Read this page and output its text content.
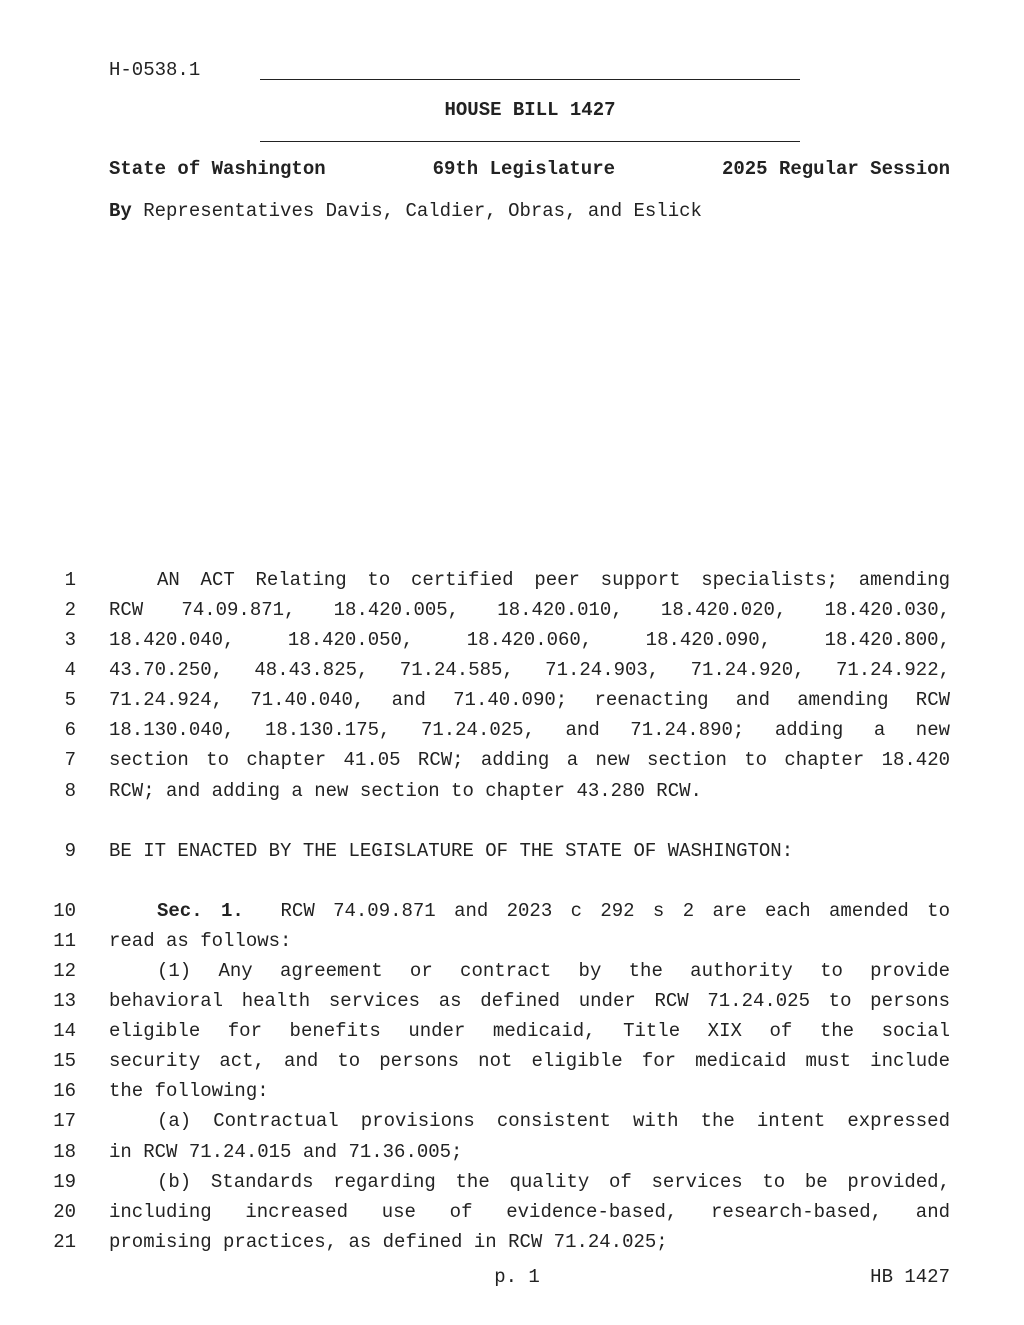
H-0538.1
HOUSE BILL 1427
State of Washington	69th Legislature	2025 Regular Session
By Representatives Davis, Caldier, Obras, and Eslick
1	AN ACT Relating to certified peer support specialists; amending
2 RCW 74.09.871, 18.420.005, 18.420.010, 18.420.020, 18.420.030,
3 18.420.040, 18.420.050, 18.420.060, 18.420.090, 18.420.800,
4 43.70.250, 48.43.825, 71.24.585, 71.24.903, 71.24.920, 71.24.922,
5 71.24.924, 71.40.040, and 71.40.090; reenacting and amending RCW
6 18.130.040, 18.130.175, 71.24.025, and 71.24.890; adding a new
7 section to chapter 41.05 RCW; adding a new section to chapter 18.420
8 RCW; and adding a new section to chapter 43.280 RCW.
9 BE IT ENACTED BY THE LEGISLATURE OF THE STATE OF WASHINGTON:
10	Sec. 1. RCW 74.09.871 and 2023 c 292 s 2 are each amended to
11 read as follows:
12	(1) Any agreement or contract by the authority to provide
13 behavioral health services as defined under RCW 71.24.025 to persons
14 eligible for benefits under medicaid, Title XIX of the social
15 security act, and to persons not eligible for medicaid must include
16 the following:
17	(a) Contractual provisions consistent with the intent expressed
18 in RCW 71.24.015 and 71.36.005;
19	(b) Standards regarding the quality of services to be provided,
20 including increased use of evidence-based, research-based, and
21 promising practices, as defined in RCW 71.24.025;
p. 1	HB 1427
